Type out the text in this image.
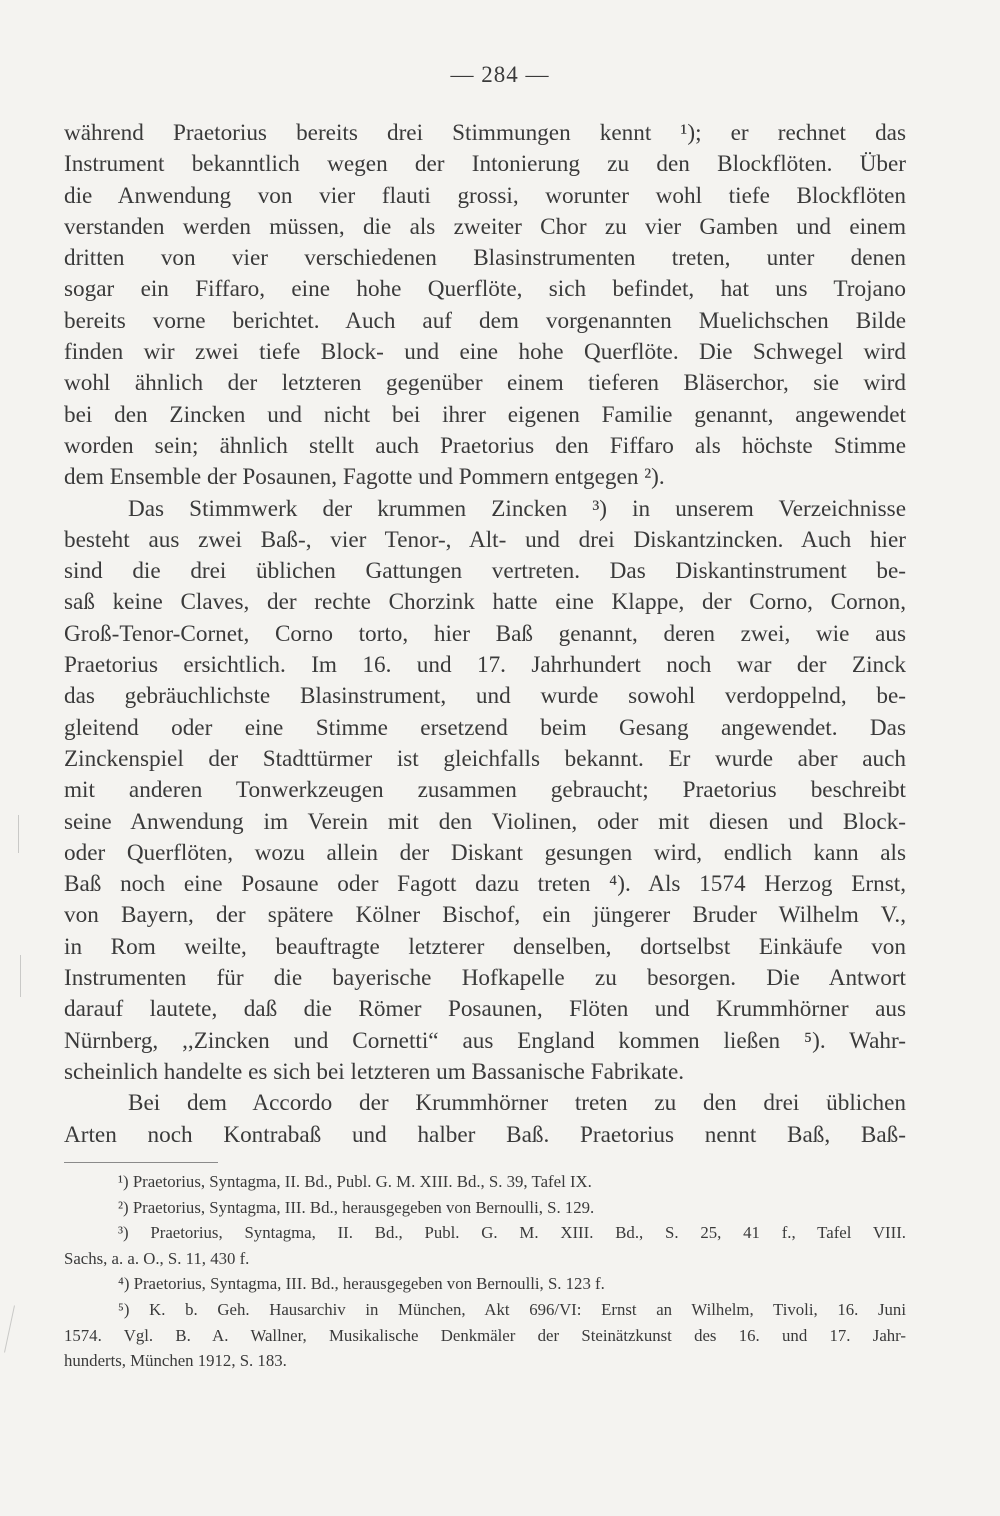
— 284 —
während Praetorius bereits drei Stimmungen kennt ¹); er rechnet das
Instrument bekanntlich wegen der Intonierung zu den Blockflöten. Über
die Anwendung von vier flauti grossi, worunter wohl tiefe Blockflöten
verstanden werden müssen, die als zweiter Chor zu vier Gamben und einem
dritten von vier verschiedenen Blasinstrumenten treten, unter denen
sogar ein Fiffaro, eine hohe Querflöte, sich befindet, hat uns Trojano
bereits vorne berichtet. Auch auf dem vorgenannten Muelichschen Bilde
finden wir zwei tiefe Block- und eine hohe Querflöte. Die Schwegel wird
wohl ähnlich der letzteren gegenüber einem tieferen Bläserchor, sie wird
bei den Zincken und nicht bei ihrer eigenen Familie genannt, angewendet
worden sein; ähnlich stellt auch Praetorius den Fiffaro als höchste Stimme
dem Ensemble der Posaunen, Fagotte und Pommern entgegen ²).
Das Stimmwerk der krummen Zincken ³) in unserem Verzeichnisse
besteht aus zwei Baß-, vier Tenor-, Alt- und drei Diskantzincken. Auch hier
sind die drei üblichen Gattungen vertreten. Das Diskantinstrument be-
saß keine Claves, der rechte Chorzink hatte eine Klappe, der Corno, Cornon,
Groß-Tenor-Cornet, Corno torto, hier Baß genannt, deren zwei, wie aus
Praetorius ersichtlich. Im 16. und 17. Jahrhundert noch war der Zinck
das gebräuchlichste Blasinstrument, und wurde sowohl verdoppelnd, be-
gleitend oder eine Stimme ersetzend beim Gesang angewendet. Das
Zinckenspiel der Stadttürmer ist gleichfalls bekannt. Er wurde aber auch
mit anderen Tonwerkzeugen zusammen gebraucht; Praetorius beschreibt
seine Anwendung im Verein mit den Violinen, oder mit diesen und Block-
oder Querflöten, wozu allein der Diskant gesungen wird, endlich kann als
Baß noch eine Posaune oder Fagott dazu treten ⁴). Als 1574 Herzog Ernst,
von Bayern, der spätere Kölner Bischof, ein jüngerer Bruder Wilhelm V.,
in Rom weilte, beauftragte letzterer denselben, dortselbst Einkäufe von
Instrumenten für die bayerische Hofkapelle zu besorgen. Die Antwort
darauf lautete, daß die Römer Posaunen, Flöten und Krummhörner aus
Nürnberg, ,,Zincken und Cornetti“ aus England kommen ließen ⁵). Wahr-
scheinlich handelte es sich bei letzteren um Bassanische Fabrikate.
Bei dem Accordo der Krummhörner treten zu den drei üblichen
Arten noch Kontrabaß und halber Baß. Praetorius nennt Baß, Baß-
¹) Praetorius, Syntagma, II. Bd., Publ. G. M. XIII. Bd., S. 39, Tafel IX.
²) Praetorius, Syntagma, III. Bd., herausgegeben von Bernoulli, S. 129.
³) Praetorius, Syntagma, II. Bd., Publ. G. M. XIII. Bd., S. 25, 41 f., Tafel VIII.
Sachs, a. a. O., S. 11, 430 f.
⁴) Praetorius, Syntagma, III. Bd., herausgegeben von Bernoulli, S. 123 f.
⁵) K. b. Geh. Hausarchiv in München, Akt 696/VI: Ernst an Wilhelm, Tivoli, 16. Juni
1574. Vgl. B. A. Wallner, Musikalische Denkmäler der Steinätzkunst des 16. und 17. Jahr-
hunderts, München 1912, S. 183.
